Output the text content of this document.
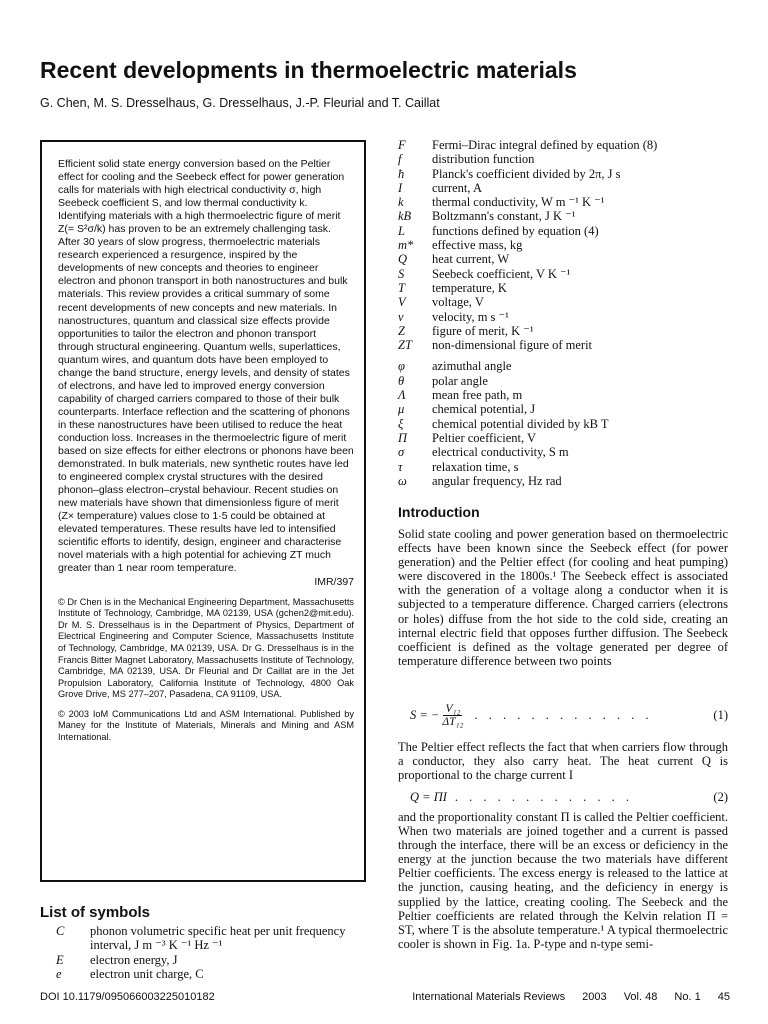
Recent developments in thermoelectric materials

G. Chen, M. S. Dresselhaus, G. Dresselhaus, J.-P. Fleurial and T. Caillat

Efficient solid state energy conversion based on the Peltier effect for cooling and the Seebeck effect for power generation calls for materials with high electrical conductivity σ, high Seebeck coefficient S, and low thermal conductivity k. Identifying materials with a high thermoelectric figure of merit Z(= S²σ/k) has proven to be an extremely challenging task. After 30 years of slow progress, thermoelectric materials research experienced a resurgence, inspired by the developments of new concepts and theories to engineer electron and phonon transport in both nanostructures and bulk materials. This review provides a critical summary of some recent developments of new concepts and new materials. In nanostructures, quantum and classical size effects provide opportunities to tailor the electron and phonon transport through structural engineering. Quantum wells, superlattices, quantum wires, and quantum dots have been employed to change the band structure, energy levels, and density of states of electrons, and have led to improved energy conversion capability of charged carriers compared to those of their bulk counterparts. Interface reflection and the scattering of phonons in these nanostructures have been utilised to reduce the heat conduction loss. Increases in the thermoelectric figure of merit based on size effects for either electrons or phonons have been demonstrated. In bulk materials, new synthetic routes have led to engineered complex crystal structures with the desired phonon–glass electron–crystal behaviour. Recent studies on new materials have shown that dimensionless figure of merit (Z× temperature) values close to 1·5 could be obtained at elevated temperatures. These results have led to intensified scientific efforts to identify, design, engineer and characterise novel materials with a high potential for achieving ZT much greater than 1 near room temperature.
IMR/397

© Dr Chen is in the Mechanical Engineering Department, Massachusetts Institute of Technology, Cambridge, MA 02139, USA (gchen2@mit.edu). Dr M. S. Dresselhaus is in the Department of Physics, Department of Electrical Engineering and Computer Science, Massachusetts Institute of Technology, Cambridge, MA 02139, USA. Dr G. Dresselhaus is in the Francis Bitter Magnet Laboratory, Massachusetts Institute of Technology, Cambridge, MA 02139, USA. Dr Fleurial and Dr Caillat are in the Jet Propulsion Laboratory, California Institute of Technology, 4800 Oak Grove Drive, MS 277–207, Pasadena, CA 91109, USA.

© 2003 IoM Communications Ltd and ASM International. Published by Maney for the Institute of Materials, Minerals and Mining and ASM International.

List of symbols
C	phonon volumetric specific heat per unit frequency interval, J m ⁻³ K ⁻¹ Hz ⁻¹
E	electron energy, J
e	electron unit charge, C
F	Fermi–Dirac integral defined by equation (8)
f	distribution function
ħ	Planck's coefficient divided by 2π, J s
I	current, A
k	thermal conductivity, W m ⁻¹ K ⁻¹
kB	Boltzmann's constant, J K ⁻¹
L	functions defined by equation (4)
m*	effective mass, kg
Q	heat current, W
S	Seebeck coefficient, V K ⁻¹
T	temperature, K
V	voltage, V
v	velocity, m s ⁻¹
Z	figure of merit, K ⁻¹
ZT	non-dimensional figure of merit
φ	azimuthal angle
θ	polar angle
Λ	mean free path, m
μ	chemical potential, J
ξ	chemical potential divided by kB T
Π	Peltier coefficient, V
σ	electrical conductivity, S m
τ	relaxation time, s
ω	angular frequency, Hz rad
Introduction

Solid state cooling and power generation based on thermoelectric effects have been known since the Seebeck effect (for power generation) and the Peltier effect (for cooling and heat pumping) were discovered in the 1800s.¹ The Seebeck effect is associated with the generation of a voltage along a conductor when it is subjected to a temperature difference. Charged carriers (electrons or holes) diffuse from the hot side to the cold side, creating an internal electric field that opposes further diffusion. The Seebeck coefficient is defined as the voltage generated per degree of temperature difference between two points

S = − $\frac{\text{V₁₂}}{\text{ΔT₁₂}}$ . . . . . . . . . . . . .	(1)

The Peltier effect reflects the fact that when carriers flow through a conductor, they also carry heat. The heat current Q is proportional to the charge current I

Q = ΠI . . . . . . . . . . . . .	(2)

and the proportionality constant Π is called the Peltier coefficient. When two materials are joined together and a current is passed through the interface, there will be an excess or deficiency in the energy at the junction because the two materials have different Peltier coefficients. The excess energy is released to the lattice at the junction, causing heating, and the deficiency in energy is supplied by the lattice, creating cooling. The Seebeck and the Peltier coefficients are related through the Kelvin relation Π = ST, where T is the absolute temperature.¹ A typical thermoelectric cooler is shown in Fig. 1a. P-type and n-type semi-

DOI 10.1179/095066003225010182	International Materials Reviews 2003 Vol. 48 No. 1 45
